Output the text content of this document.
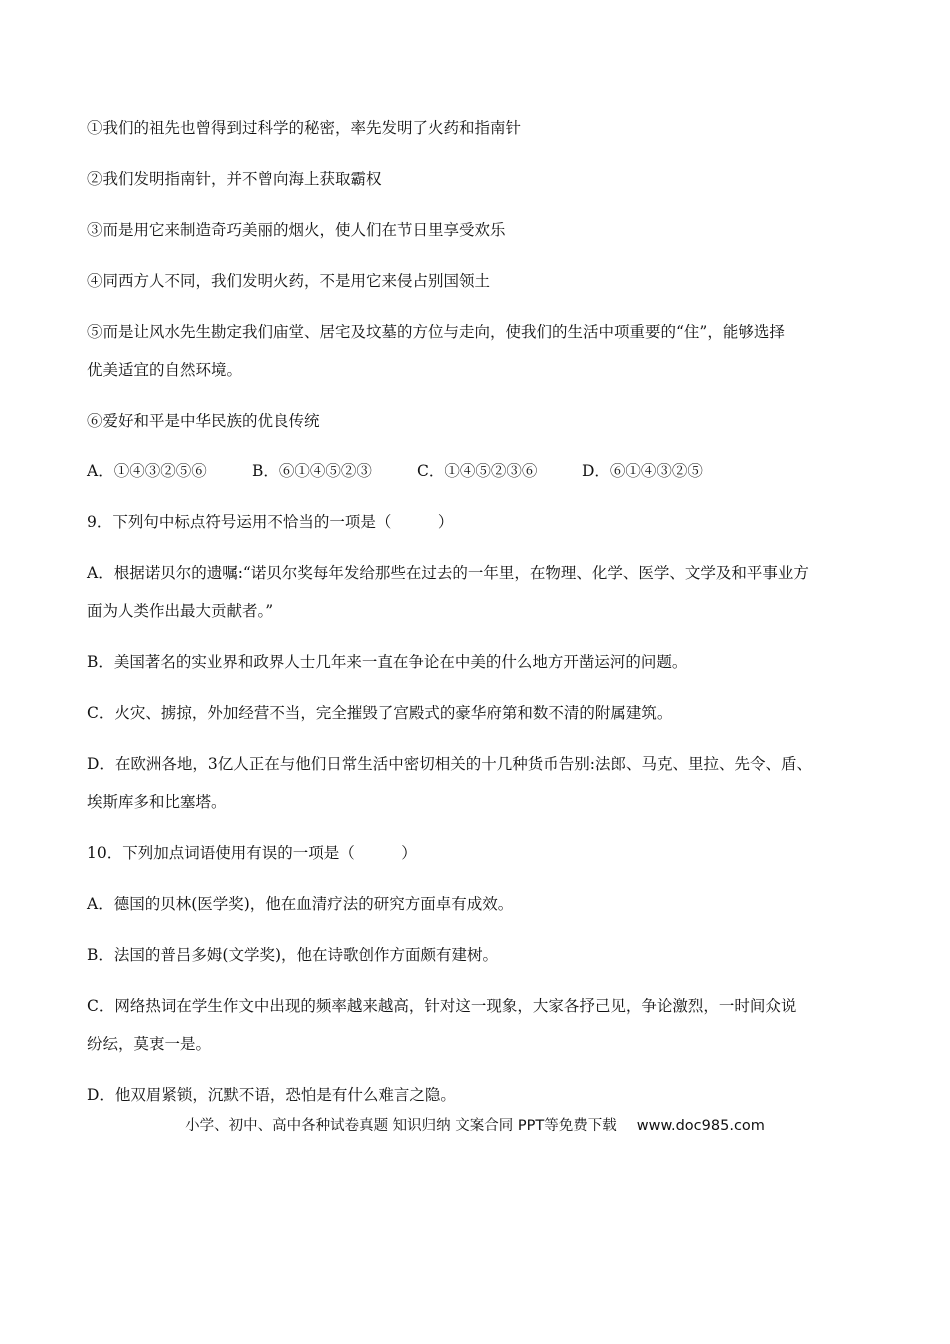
①我们的祖先也曾得到过科学的秘密，率先发明了火药和指南针
②我们发明指南针，并不曾向海上获取霸权
③而是用它来制造奇巧美丽的烟火，使人们在节日里享受欢乐
④同西方人不同，我们发明火药，不是用它来侵占别国领土
⑤而是让风水先生勘定我们庙堂、居宅及坟墓的方位与走向，使我们的生活中项重要的“住”，能够选择
优美适宜的自然环境。
⑥爱好和平是中华民族的优良传统
A．①④③②⑤⑥	B．⑥①④⑤②③	C．①④⑤②③⑥	D．⑥①④③②⑤
9．下列句中标点符号运用不恰当的一项是（　　　）
A．根据诺贝尔的遗嘱:“诺贝尔奖每年发给那些在过去的一年里，在物理、化学、医学、文学及和平事业方
面为人类作出最大贡献者。”
B．美国著名的实业界和政界人士几年来一直在争论在中美的什么地方开凿运河的问题。
C．火灾、掳掠，外加经营不当，完全摧毁了宫殿式的豪华府第和数不清的附属建筑。
D．在欧洲各地，3亿人正在与他们日常生活中密切相关的十几种货币告别:法郎、马克、里拉、先令、盾、
埃斯库多和比塞塔。
10．下列加点词语使用有误的一项是（　　　）
A．德国的贝林(医学奖)，他在血清疗法的研究方面卓有成效。
B．法国的普吕多姆(文学奖)，他在诗歌创作方面颇有建树。
C．网络热词在学生作文中出现的频率越来越高，针对这一现象，大家各抒己见，争论激烈，一时间众说
纷纭，莫衷一是。
D．他双眉紧锁，沉默不语，恐怕是有什么难言之隐。
小学、初中、高中各种试卷真题 知识归纳 文案合同 PPT等免费下载 www.doc985.com
